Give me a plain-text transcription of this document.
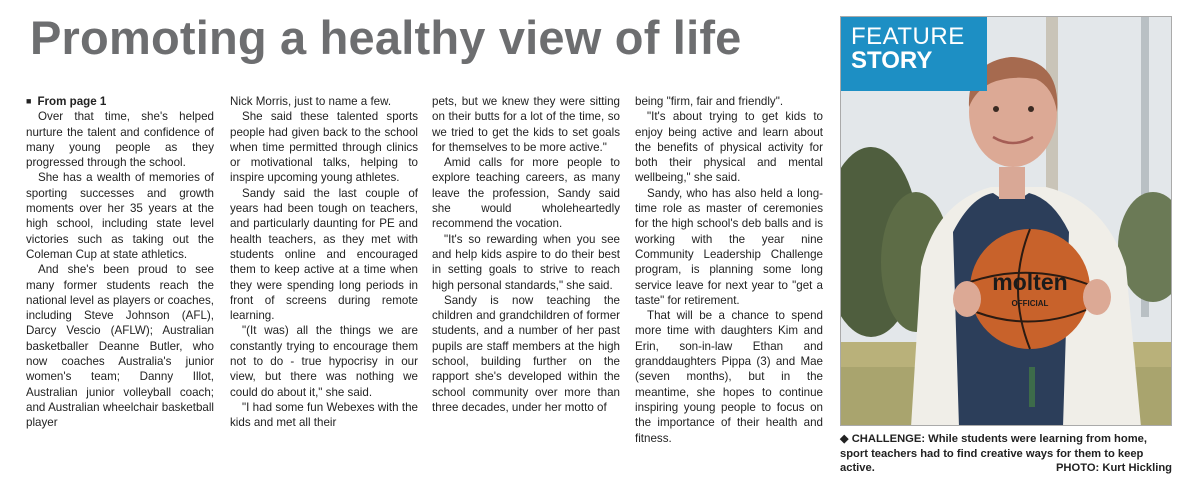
Promoting a healthy view of life
■ From page 1

Over that time, she's helped nurture the talent and confidence of many young people as they progressed through the school.

She has a wealth of memories of sporting successes and growth moments over her 35 years at the high school, including state level victories such as taking out the Coleman Cup at state athletics.

And she's been proud to see many former students reach the national level as players or coaches, including Steve Johnson (AFL), Darcy Vescio (AFLW); Australian basketballer Deanne Butler, who now coaches Australia's junior women's team; Danny Illot, Australian junior volleyball coach; and Australian wheelchair basketball player

Nick Morris, just to name a few.

She said these talented sports people had given back to the school when time permitted through clinics or motivational talks, helping to inspire upcoming young athletes.

Sandy said the last couple of years had been tough on teachers, and particularly daunting for PE and health teachers, as they met with students online and encouraged them to keep active at a time when they were spending long periods in front of screens during remote learning.

"(It was) all the things we are constantly trying to encourage them not to do - true hypocrisy in our view, but there was nothing we could do about it," she said.

"I had some fun Webexes with the kids and met all their

pets, but we knew they were sitting on their butts for a lot of the time, so we tried to get the kids to set goals for themselves to be more active."

Amid calls for more people to explore teaching careers, as many leave the profession, Sandy said she would wholeheartedly recommend the vocation.

"It's so rewarding when you see and help kids aspire to do their best in setting goals to strive to reach high personal standards," she said.

Sandy is now teaching the children and grandchildren of former students, and a number of her past pupils are staff members at the high school, building further on the rapport she's developed within the school community over more than three decades, under her motto of

being "firm, fair and friendly".

"It's about trying to get kids to enjoy being active and learn about the benefits of physical activity for both their physical and mental wellbeing," she said.

Sandy, who has also held a long-time role as master of ceremonies for the high school's deb balls and is working with the year nine Community Leadership Challenge program, is planning some long service leave for next year to "get a taste" for retirement.

That will be a chance to spend more time with daughters Kim and Erin, son-in-law Ethan and granddaughters Pippa (3) and Mae (seven months), but in the meantime, she hopes to continue inspiring young people to focus on the importance of their health and fitness.

molten
OFFICIAL
FEATURE
STORY
◆ CHALLENGE: While students were learning from home, sport teachers had to find creative ways for them to keep active.	PHOTO: Kurt Hickling
